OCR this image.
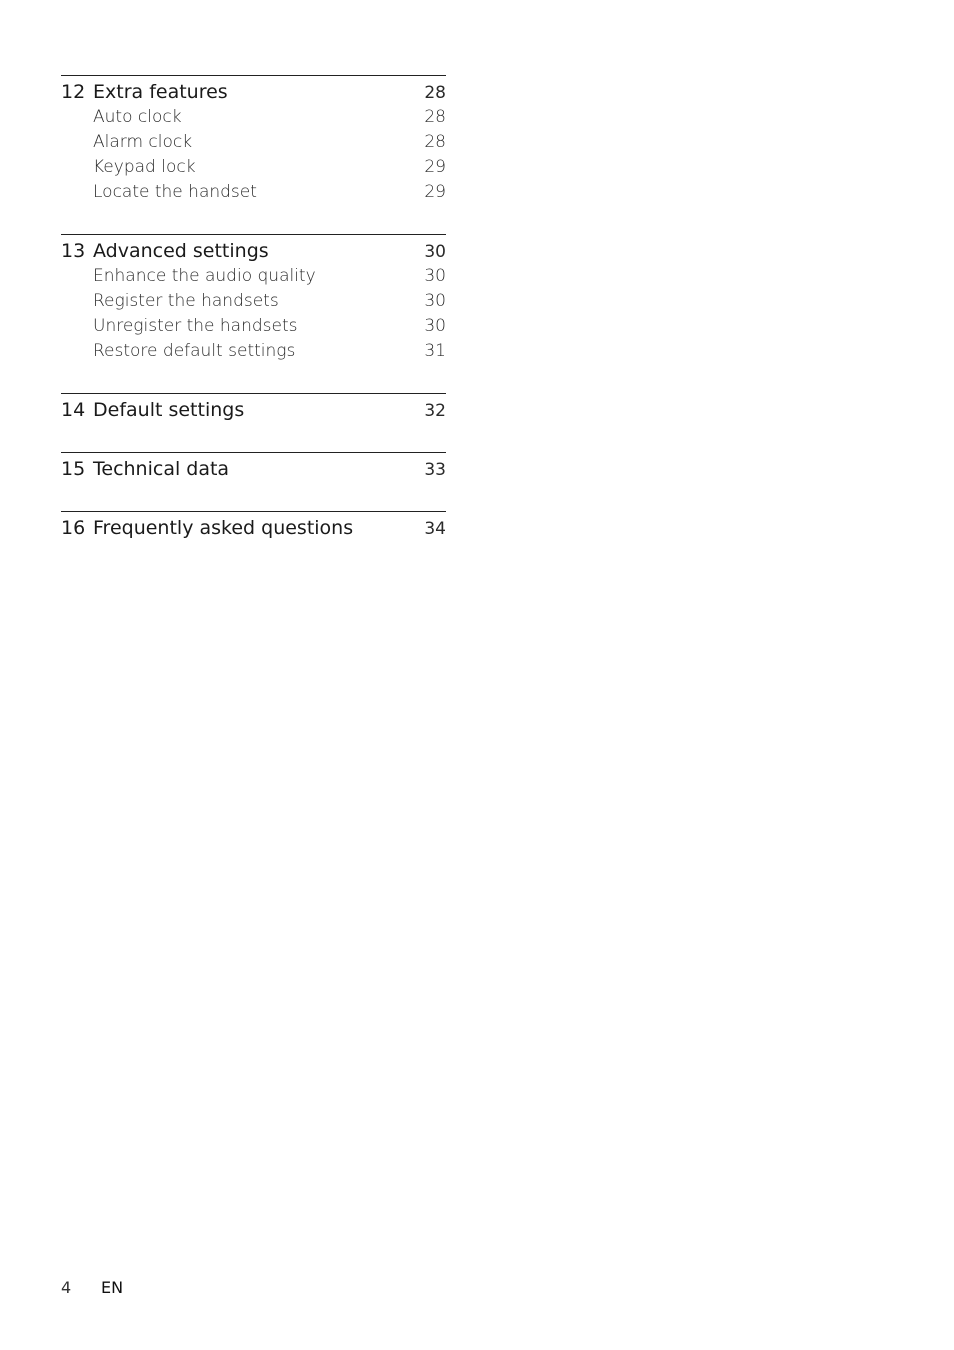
12 Extra features	28
Auto clock	28
Alarm clock	28
Keypad lock	29
Locate the handset	29
13 Advanced settings	30
Enhance the audio quality	30
Register the handsets	30
Unregister the handsets	30
Restore default settings	31
14 Default settings	32
15 Technical data	33
16 Frequently asked questions	34
4	EN
